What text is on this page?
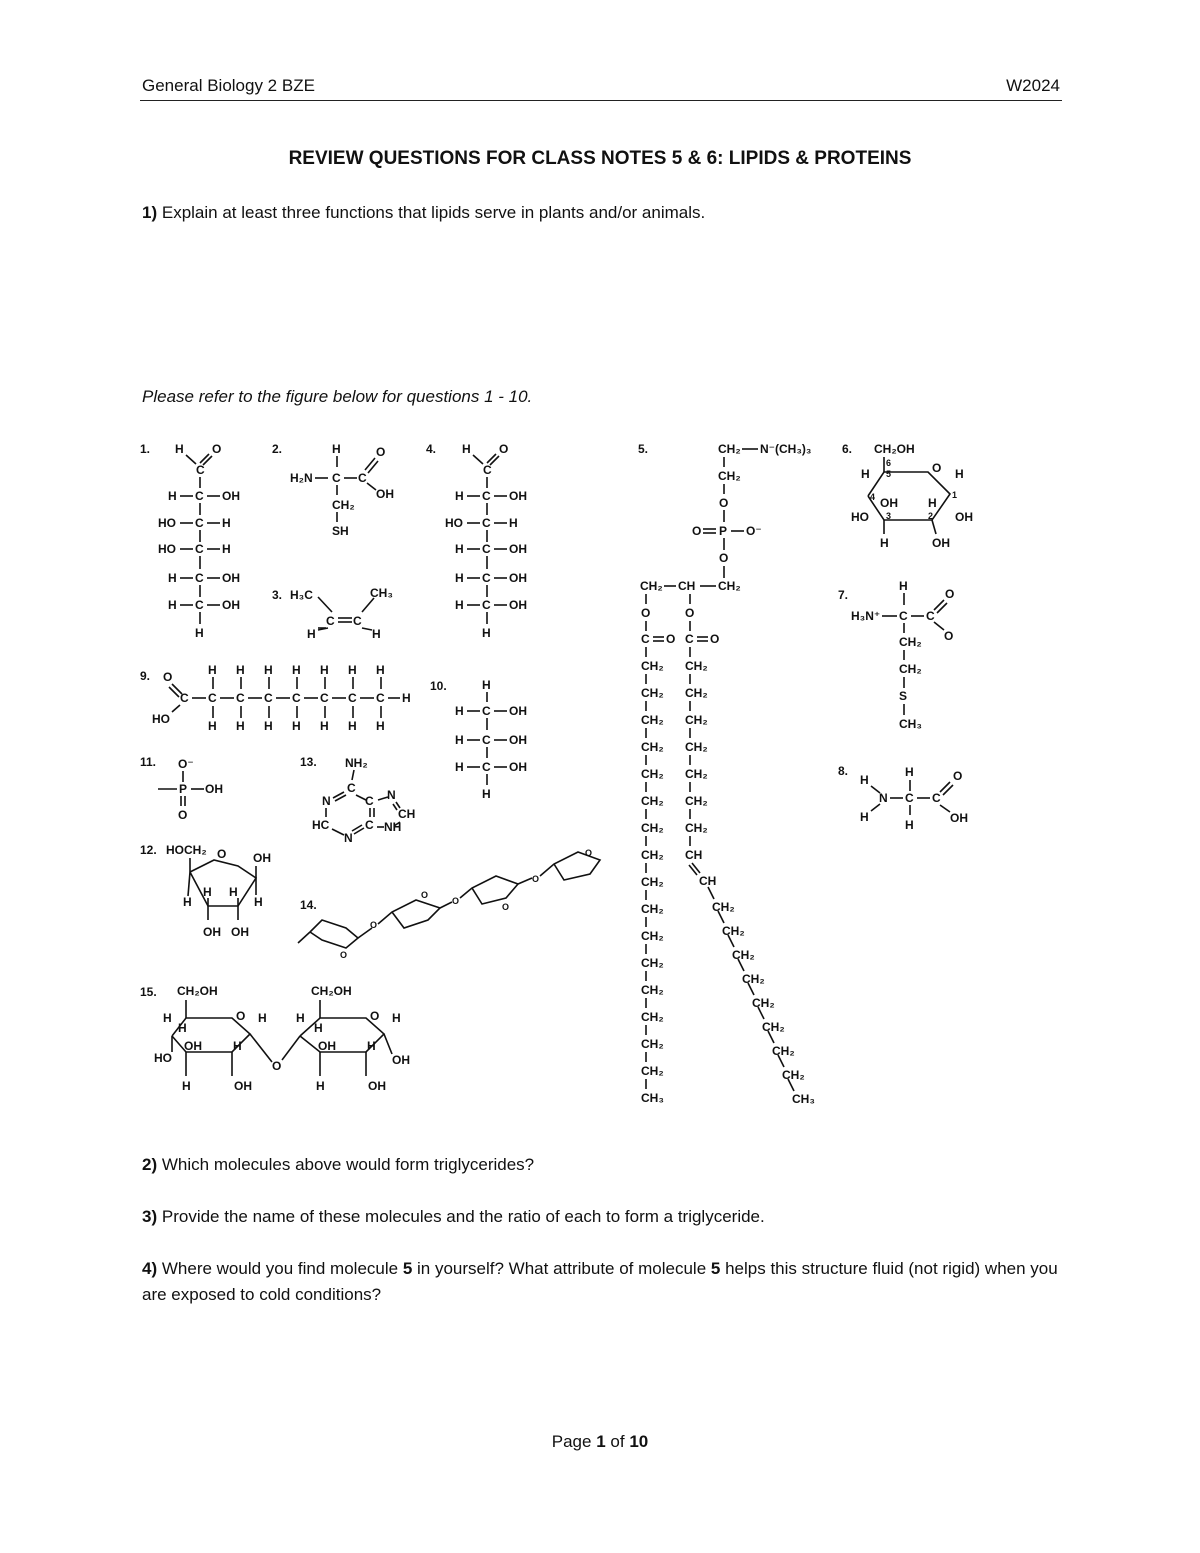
General Biology 2 BZE	W2024
REVIEW QUESTIONS FOR CLASS NOTES 5 & 6: LIPIDS & PROTEINS
1) Explain at least three functions that lipids serve in plants and/or animals.
Please refer to the figure below for questions 1 - 10.
1. H O
C
H C OH
HO C H
HO C H
H C OH
H C OH
H
2.	H
H₂N C C
O
OH
CH₂
SH
3. H₃C
C C
CH₃
H	H
4. H O
C
H C OH
HO C H
H C OH
H C OH
H C OH
H
9. O
C
HO
C
H
H
C
H
H
C
H
H
C
H
H
C
H
H
C
H
H
C
H
H
H
10.	H
H C OH
H C OH
H C OH
H
11. O⁻
P OH
O
13. NH₂
C
N
HC
N
C
C N
CH
NH
12. HOCH₂ O OH
H
H H
H
OH OH
14.
O
O
O
O
O
O
O
15. CH₂OH
O
H
H
OH	H
H
HO
H	OH
O
CH₂OH
O
H
H
OH	H
H
OH
H	OH
5.	CH₂ N⁻(CH₃)₃
CH₂
O
O P O⁻
O
CH₂ CH CH₂
O	O
C O C O
CH₂
CH₂
CH₂
CH₂
CH₂
CH₂
CH₂
CH₂
CH₂
CH₂
CH₂
CH₂
CH₂
CH₂
CH₂
CH₂
CH₃
CH₂
CH₂
CH₂
CH₂
CH₂
CH₂
CH₂
CH
CH
CH₂
CH₂
CH₂
CH₂
CH₂
CH₂
CH₂
CH₂
CH₃
6. CH₂OH
6
5	O
H	H
4	1
OH	H
3	2
HO	OH
H	OH
7.
H
H₃N⁺ C C
O
O
CH₂
CH₂
S
CH₃
8.
H
N
H
C
H
H
C
O
OH
2) Which molecules above would form triglycerides?
3) Provide the name of these molecules and the ratio of each to form a triglyceride.
4) Where would you find molecule 5 in yourself? What attribute of molecule 5 helps this structure fluid (not rigid) when you are exposed to cold conditions?
Page 1 of 10
